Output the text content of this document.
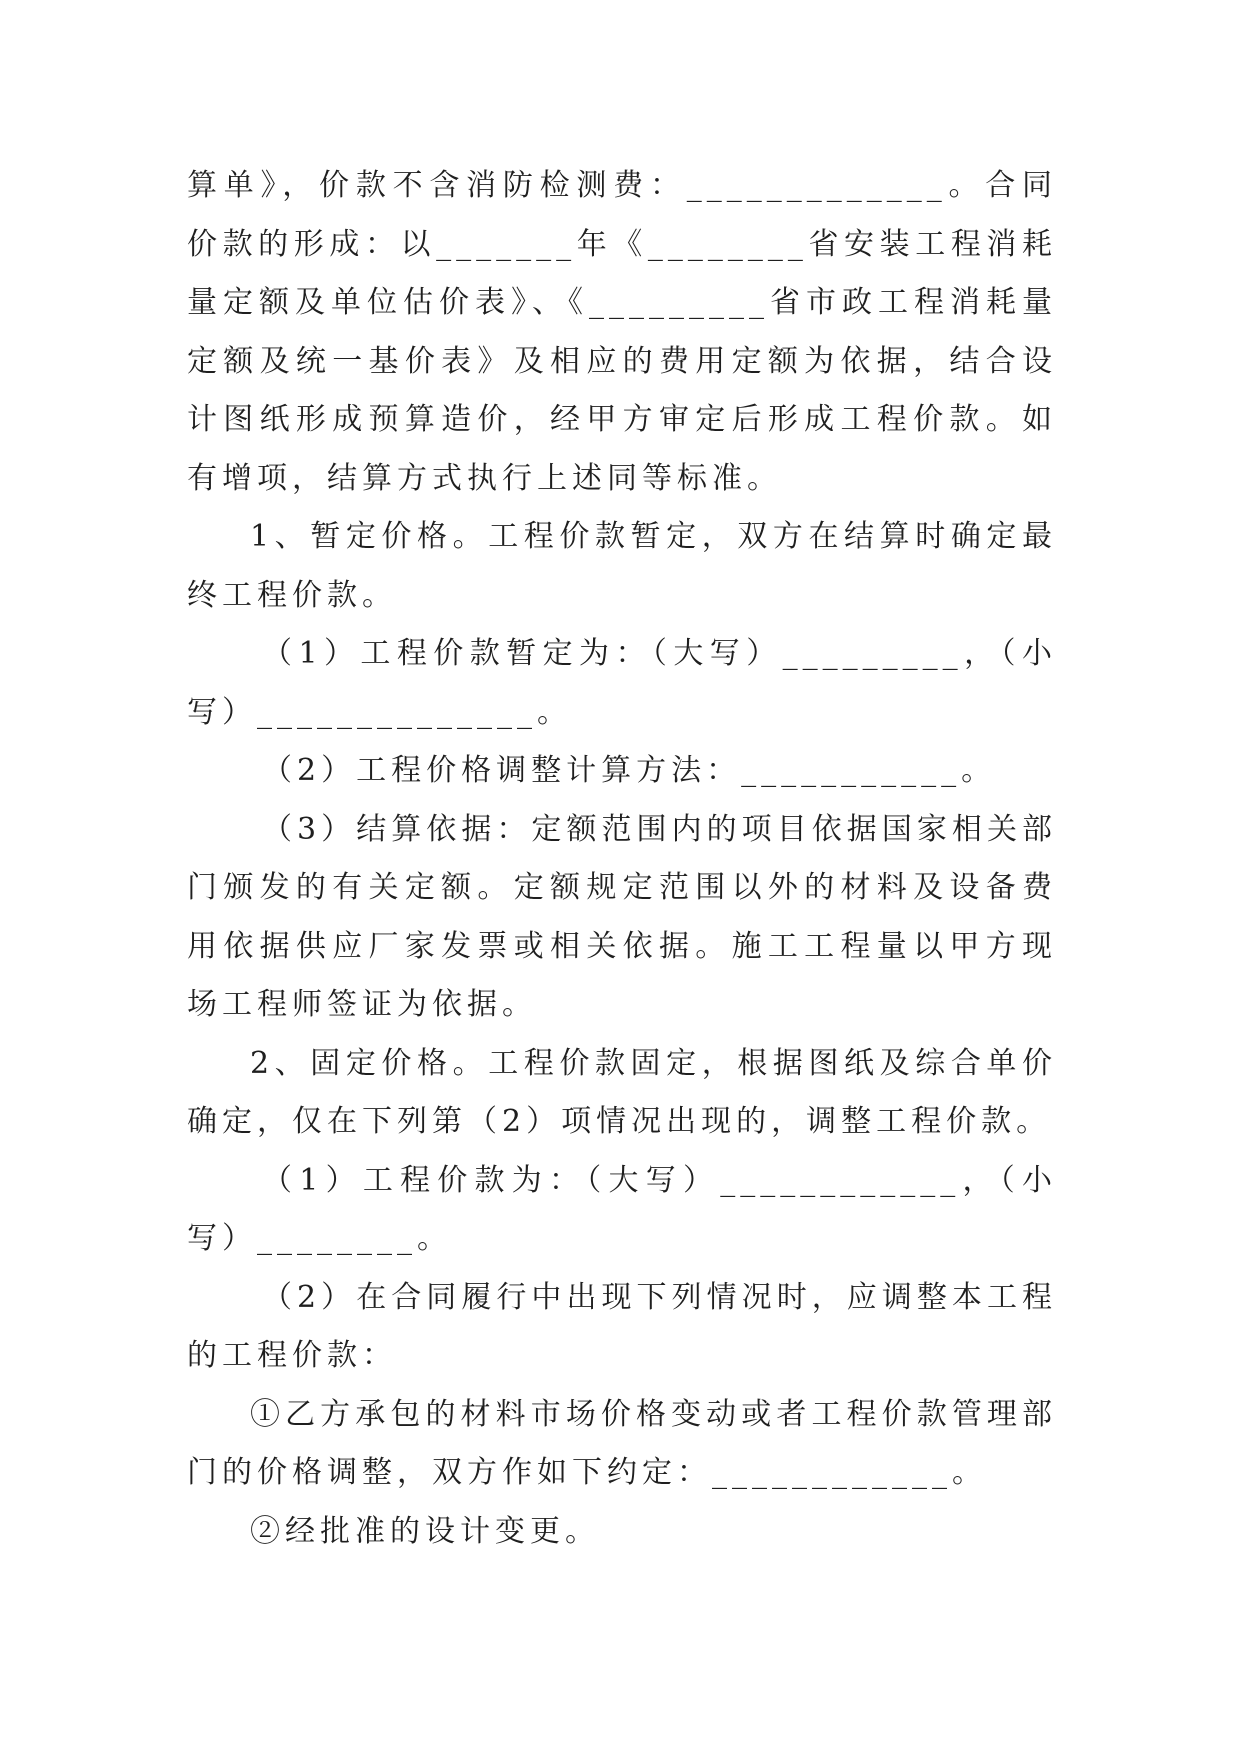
算单》，价款不含消防检测费：_____________。合同价款的形成：以_______年《________省安装工程消耗量定额及单位估价表》、《_________省市政工程消耗量定额及统一基价表》及相应的费用定额为依据，结合设计图纸形成预算造价，经甲方审定后形成工程价款。如有增项，结算方式执行上述同等标准。

1、暂定价格。工程价款暂定，双方在结算时确定最终工程价款。

（1）工程价款暂定为：（大写）_________，（小写）______________。

（2）工程价格调整计算方法：___________。

（3）结算依据：定额范围内的项目依据国家相关部门颁发的有关定额。定额规定范围以外的材料及设备费用依据供应厂家发票或相关依据。施工工程量以甲方现场工程师签证为依据。

2、固定价格。工程价款固定，根据图纸及综合单价确定，仅在下列第（2）项情况出现的，调整工程价款。

（1）工程价款为：（大写）____________，（小写）________。

（2）在合同履行中出现下列情况时，应调整本工程的工程价款：

①乙方承包的材料市场价格变动或者工程价款管理部门的价格调整，双方作如下约定：____________。

②经批准的设计变更。
